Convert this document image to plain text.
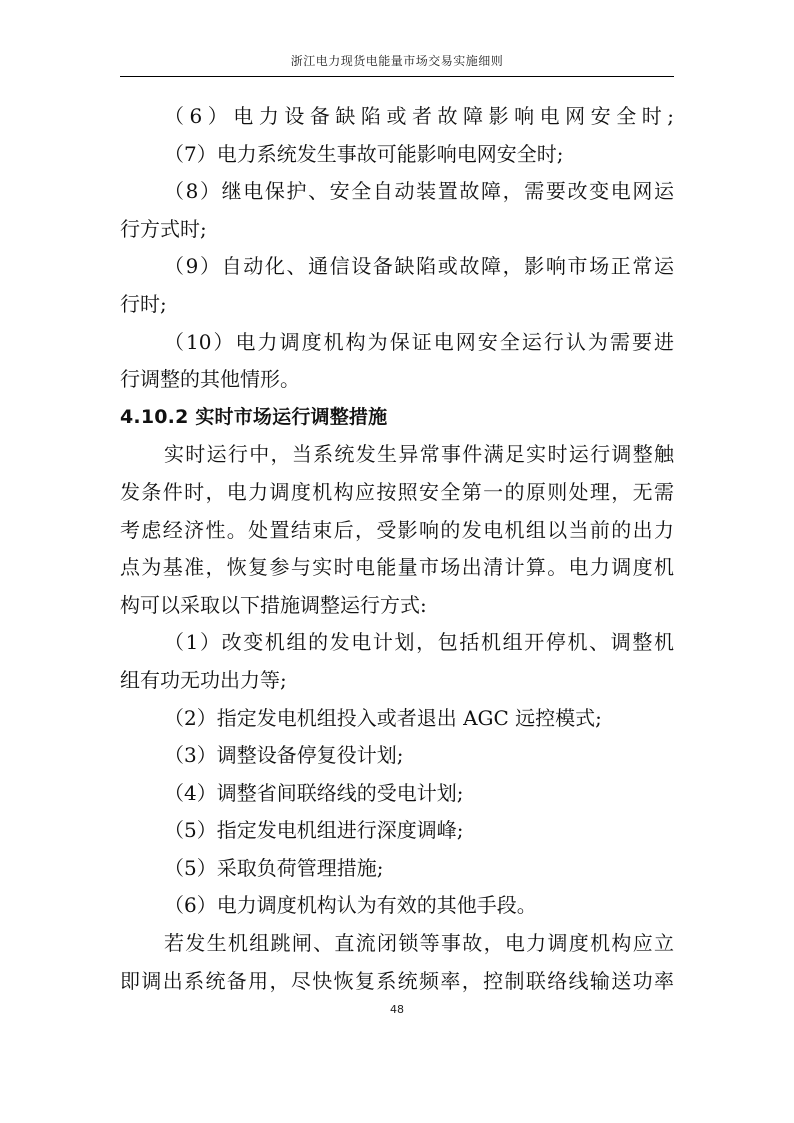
浙江电力现货电能量市场交易实施细则
（6）电力设备缺陷或者故障影响电网安全时;
（7）电力系统发生事故可能影响电网安全时;
（8）继电保护、安全自动装置故障，需要改变电网运
行方式时;
（9）自动化、通信设备缺陷或故障，影响市场正常运
行时;
（10）电力调度机构为保证电网安全运行认为需要进
行调整的其他情形。
4.10.2 实时市场运行调整措施
实时运行中，当系统发生异常事件满足实时运行调整触
发条件时，电力调度机构应按照安全第一的原则处理，无需
考虑经济性。处置结束后，受影响的发电机组以当前的出力
点为基准，恢复参与实时电能量市场出清计算。电力调度机
构可以采取以下措施调整运行方式:
（1）改变机组的发电计划，包括机组开停机、调整机
组有功无功出力等;
（2）指定发电机组投入或者退出 AGC 远控模式;
（3）调整设备停复役计划;
（4）调整省间联络线的受电计划;
（5）指定发电机组进行深度调峰;
（5）采取负荷管理措施;
（6）电力调度机构认为有效的其他手段。
若发生机组跳闸、直流闭锁等事故，电力调度机构应立
即调出系统备用，尽快恢复系统频率，控制联络线输送功率
48
